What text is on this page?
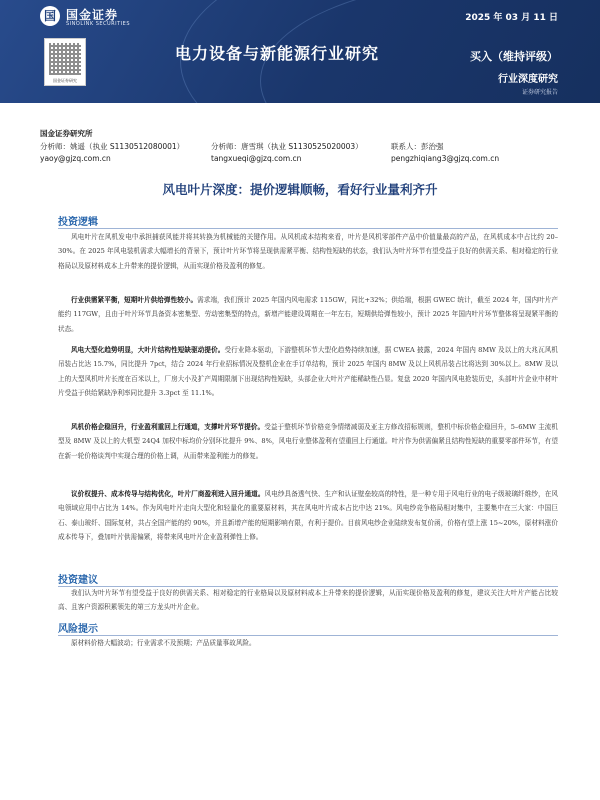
国 国金证券
SINOLINK SECURITIES
国金证券研究
2025 年 03 月 11 日
电力设备与新能源行业研究	买入（维持评级）
行业深度研究
证券研究报告
国金证券研究所
分析师：姚遥（执业 S1130512080001）
yaoy@gjzq.com.cn
分析师：唐雪琪（执业 S1130525020003）
tangxueqi@gjzq.com.cn
联系人：彭治强
pengzhiqiang3@gjzq.com.cn
风电叶片深度：提价逻辑顺畅，看好行业量利齐升
投资逻辑
风电叶片在风机发电中承担捕获风能并将其转换为机械能的关键作用。从风机成本结构来看，叶片是风机零部件产品中价值量最高的产品，在风机成本中占比约 20–30%。在 2025 年风电装机需求大幅增长的背景下，预计叶片环节将呈现供需紧平衡、结构性短缺的状态，我们认为叶片环节有望受益于良好的供需关系、相对稳定的行业格局以及原材料成本上升带来的提价逻辑，从而实现价格及盈利的修复。
行业供需紧平衡，短期叶片供给弹性较小。需求端，我们预计 2025 年国内风电需求 115GW，同比+32%；供给端，根据 GWEC 统计，截至 2024 年，国内叶片产能约 117GW，且由于叶片环节具备资本密集型、劳动密集型的特点，新增产能建设周期在一年左右，短期供给弹性较小，预计 2025 年国内叶片环节整体将呈现紧平衡的状态。
风电大型化趋势明显，大叶片结构性短缺驱动提价。受行业降本驱动，下游整机环节大型化趋势持续加速，据 CWEA 披露，2024 年国内 8MW 及以上的大兆瓦风机吊装占比达 15.7%，同比提升 7pct，结合 2024 年行业招标情况及整机企业在手订单结构，预计 2025 年国内 8MW 及以上风机吊装占比将达到 30%以上。8MW 及以上的大型风机叶片长度在百米以上，厂房大小及扩产周期限制下出现结构性短缺，头部企业大叶片产能稀缺性凸显。复盘 2020 年国内风电抢装历史，头部叶片企业中材叶片受益于供给紧缺净利率同比提升 3.3pct 至 11.1%。
风机价格企稳回升，行业盈利重回上行通道，支撑叶片环节提价。受益于整机环节价格竞争情绪减弱及亚主方修改招标规则，整机中标价格企稳回升，5–6MW 主流机型及 8MW 及以上的大机型 24Q4 加权中标均价分别环比提升 9%、8%，风电行业整体盈利有望重回上行通道。叶片作为供需偏紧且结构性短缺的重要零部件环节，有望在新一轮价格谈判中实现合理的价格上调，从而带来盈利能力的修复。
议价权提升、成本传导与结构优化，叶片厂商盈利进入回升通道。风电纱具备透气快、生产和认证壁垒较高的特性，是一种专用于风电行业的电子级玻璃纤维纱，在风电领域应用中占比为 14%。作为风电叶片走向大型化和轻量化的重要原材料，其在风电叶片成本占比中达 21%。风电纱竞争格局相对集中，主要集中在三大家：中国巨石、泰山玻纤、国际复材，共占全国产能的约 90%，并且新增产能的短期影响有限，有利于提价。目前风电纱企业陆续发布复价函，价格有望上涨 15~20%，原材料涨价成本传导下，叠加叶片供需偏紧，将带来风电叶片企业盈利弹性上修。
投资建议
我们认为叶片环节有望受益于良好的供需关系、相对稳定的行业格局以及原材料成本上升带来的提价逻辑，从而实现价格及盈利的修复，建议关注大叶片产能占比较高、且客户资源积累领先的第三方龙头叶片企业。
风险提示
原材料价格大幅波动；行业需求不及预期；产品质量事故风险。
